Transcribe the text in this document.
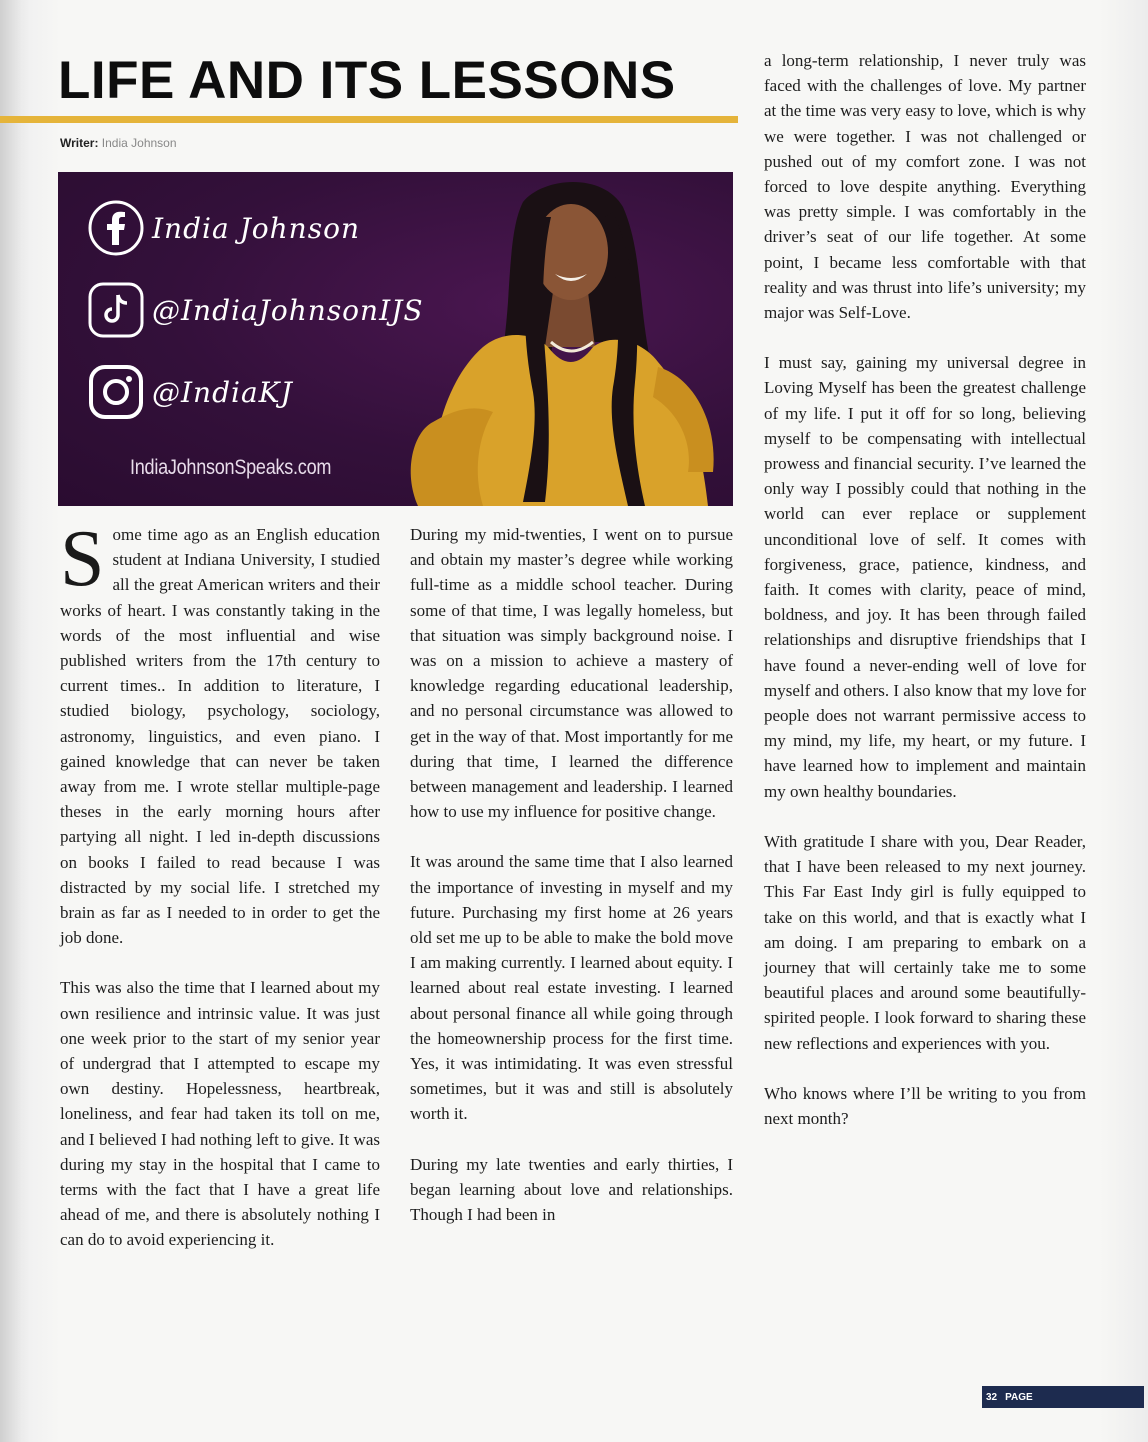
LIFE AND ITS LESSONS
Writer: India Johnson
India Johnson
@IndiaJohnsonIJS
@IndiaKJ
IndiaJohnsonSpeaks.com

Some time ago as an English education student at Indiana University, I studied all the great American writers and their works of heart. I was constantly taking in the words of the most influential and wise published writers from the 17th century to current times.. In addition to literature, I studied biology, psychology, sociology, astronomy, linguistics, and even piano. I gained knowledge that can never be taken away from me. I wrote stellar multiple-page theses in the early morning hours after partying all night. I led in-depth discussions on books I failed to read because I was distracted by my social life. I stretched my brain as far as I needed to in order to get the job done.

This was also the time that I learned about my own resilience and intrinsic value. It was just one week prior to the start of my senior year of undergrad that I attempted to escape my own destiny. Hopelessness, heartbreak, loneliness, and fear had taken its toll on me, and I believed I had nothing left to give. It was during my stay in the hospital that I came to terms with the fact that I have a great life ahead of me, and there is absolutely nothing I can do to avoid experiencing it.

During my mid-twenties, I went on to pursue and obtain my master’s degree while working full-time as a middle school teacher. During some of that time, I was legally homeless, but that situation was simply background noise. I was on a mission to achieve a mastery of knowledge regarding educational leadership, and no personal circumstance was allowed to get in the way of that. Most importantly for me during that time, I learned the difference between management and leadership. I learned how to use my influence for positive change.

It was around the same time that I also learned the importance of investing in myself and my future. Purchasing my first home at 26 years old set me up to be able to make the bold move I am making currently. I learned about equity. I learned about real estate investing. I learned about personal finance all while going through the homeownership process for the first time. Yes, it was intimidating. It was even stressful sometimes, but it was and still is absolutely worth it.

During my late twenties and early thirties, I began learning about love and relationships. Though I had been in

a long-term relationship, I never truly was faced with the challenges of love. My partner at the time was very easy to love, which is why we were together. I was not challenged or pushed out of my comfort zone. I was not forced to love despite anything. Everything was pretty simple. I was comfortably in the driver’s seat of our life together. At some point, I became less comfortable with that reality and was thrust into life’s university; my major was Self-Love.

I must say, gaining my universal degree in Loving Myself has been the greatest challenge of my life. I put it off for so long, believing myself to be compensating with intellectual prowess and financial security. I’ve learned the only way I possibly could that nothing in the world can ever replace or supplement unconditional love of self. It comes with forgiveness, grace, patience, kindness, and faith. It comes with clarity, peace of mind, boldness, and joy. It has been through failed relationships and disruptive friendships that I have found a never-ending well of love for myself and others. I also know that my love for people does not warrant permissive access to my mind, my life, my heart, or my future. I have learned how to implement and maintain my own healthy boundaries.

With gratitude I share with you, Dear Reader, that I have been released to my next journey. This Far East Indy girl is fully equipped to take on this world, and that is exactly what I am doing. I am preparing to embark on a journey that will certainly take me to some beautiful places and around some beautifully-spirited people. I look forward to sharing these new reflections and experiences with you.

Who knows where I’ll be writing to you from next month?

32 PAGE
